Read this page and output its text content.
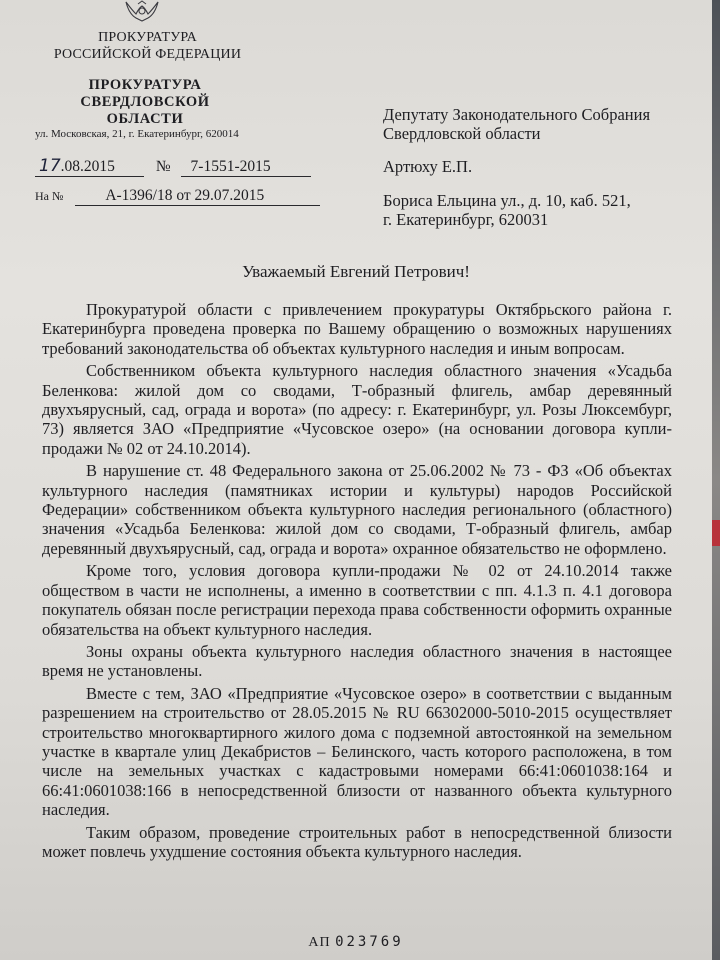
ПРОКУРАТУРА
РОССИЙСКОЙ ФЕДЕРАЦИИ
ПРОКУРАТУРА
СВЕРДЛОВСКОЙ ОБЛАСТИ
ул. Московская, 21, г. Екатеринбург, 620014
17.08.2015	№ 7-1551-2015
На №	А-1396/18 от 29.07.2015

Депутату Законодательного Собрания

Свердловской области

Артюху Е.П.

Бориса Ельцина ул., д. 10, каб. 521,

г. Екатеринбург, 620031

Уважаемый Евгений Петрович!

Прокуратурой области с привлечением прокуратуры Октябрьского района г. Екатеринбурга проведена проверка по Вашему обращению о возможных нарушениях требований законодательства об объектах культурного наследия и иным вопросам.

Собственником объекта культурного наследия областного значения «Усадьба Беленкова: жилой дом со сводами, Т-образный флигель, амбар деревянный двухъярусный, сад, ограда и ворота» (по адресу: г. Екатеринбург, ул. Розы Люксембург, 73) является ЗАО «Предприятие «Чусовское озеро» (на основании договора купли-продажи № 02 от 24.10.2014).

В нарушение ст. 48 Федерального закона от 25.06.2002 № 73 - ФЗ «Об объектах культурного наследия (памятниках истории и культуры) народов Российской Федерации» собственником объекта культурного наследия регионального (областного) значения «Усадьба Беленкова: жилой дом со сводами, Т-образный флигель, амбар деревянный двухъярусный, сад, ограда и ворота» охранное обязательство не оформлено.

Кроме того, условия договора купли-продажи № 02 от 24.10.2014 также обществом в части не исполнены, а именно в соответствии с пп. 4.1.3 п. 4.1 договора покупатель обязан после регистрации перехода права собственности оформить охранные обязательства на объект культурного наследия.

Зоны охраны объекта культурного наследия областного значения в настоящее время не установлены.

Вместе с тем, ЗАО «Предприятие «Чусовское озеро» в соответствии с выданным разрешением на строительство от 28.05.2015 № RU 66302000-5010-2015 осуществляет строительство многоквартирного жилого дома с подземной автостоянкой на земельном участке в квартале улиц Декабристов – Белинского, часть которого расположена, в том числе на земельных участках с кадастровыми номерами 66:41:0601038:164 и 66:41:0601038:166 в непосредственной близости от названного объекта культурного наследия.

Таким образом, проведение строительных работ в непосредственной близости может повлечь ухудшение состояния объекта культурного наследия.

АП 023769
